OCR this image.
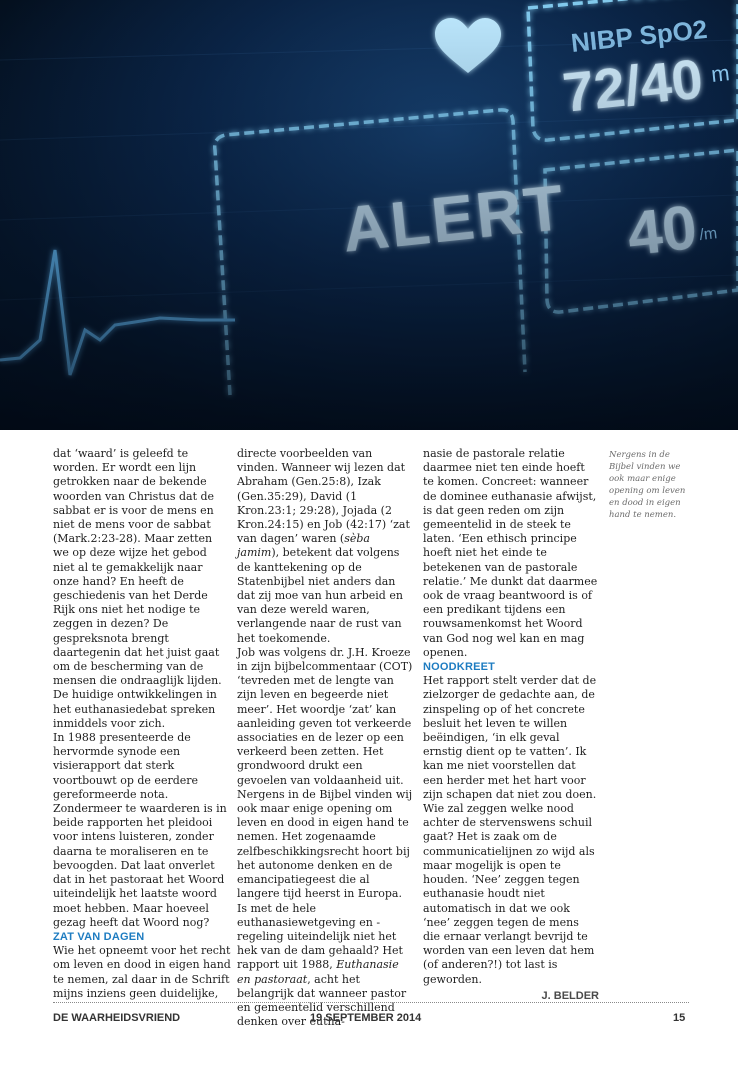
dat ‘waard’ is geleefd te worden. Er wordt een lijn getrokken naar de bekende woorden van Christus dat de sabbat er is voor de mens en niet de mens voor de sabbat (Mark.2:23-28). Maar zetten we op deze wijze het gebod niet al te gemakkelijk naar onze hand? En heeft de geschiedenis van het Derde Rijk ons niet het nodige te zeggen in dezen? De gespreksnota brengt daartegenin dat het juist gaat om de bescherming van de mensen die ondraaglijk lijden. De huidige ontwikkelingen in het euthanasiedebat spreken inmiddels voor zich.

In 1988 presenteerde de hervormde synode een visierapport dat sterk voortbouwt op de eerdere gereformeerde nota. Zondermeer te waarderen is in beide rapporten het pleidooi voor intens luisteren, zonder daarna te moraliseren en te bevoogden. Dat laat onverlet dat in het pastoraat het Woord uiteindelijk het laatste woord moet hebben. Maar hoeveel gezag heeft dat Woord nog?

ZAT VAN DAGEN

Wie het opneemt voor het recht om leven en dood in eigen hand te nemen, zal daar in de Schrift mijns inziens geen duidelijke,

directe voorbeelden van vinden. Wanneer wij lezen dat Abraham (Gen.25:8), Izak (Gen.35:29), David (1 Kron.23:1; 29:28), Jojada (2 Kron.24:15) en Job (42:17) ‘zat van dagen’ waren (sèba jamim), betekent dat volgens de kanttekening op de Statenbijbel niet anders dan dat zij moe van hun arbeid en van deze wereld waren, verlangende naar de rust van het toekomende.

Job was volgens dr. J.H. Kroeze in zijn bijbelcommentaar (COT) ‘tevreden met de lengte van zijn leven en begeerde niet meer’. Het woordje ‘zat’ kan aanleiding geven tot verkeerde associaties en de lezer op een verkeerd been zetten. Het grondwoord drukt een gevoelen van voldaanheid uit.

Nergens in de Bijbel vinden wij ook maar enige opening om leven en dood in eigen hand te nemen. Het zogenaamde zelfbeschikkingsrecht hoort bij het autonome denken en de emancipatiegeest die al langere tijd heerst in Europa.

Is met de hele euthanasiewetgeving en -regeling uiteindelijk niet het hek van de dam gehaald? Het rapport uit 1988, Euthanasie en pastoraat, acht het belangrijk dat wanneer pastor en gemeentelid verschillend denken over eutha-

nasie de pastorale relatie daarmee niet ten einde hoeft te komen. Concreet: wanneer de dominee euthanasie afwijst, is dat geen reden om zijn gemeentelid in de steek te laten. ‘Een ethisch principe hoeft niet het einde te betekenen van de pastorale relatie.’ Me dunkt dat daarmee ook de vraag beantwoord is of een predikant tijdens een rouwsamenkomst het Woord van God nog wel kan en mag openen.

NOODKREET

Het rapport stelt verder dat de zielzorger de gedachte aan, de zinspeling op of het concrete besluit het leven te willen beëindigen, ‘in elk geval ernstig dient op te vatten’. Ik kan me niet voorstellen dat een herder met het hart voor zijn schapen dat niet zou doen. Wie zal zeggen welke nood achter de stervenswens schuil gaat? Het is zaak om de communicatielijnen zo wijd als maar mogelijk is open te houden. ‘Nee’ zeggen tegen euthanasie houdt niet automatisch in dat we ook ‘nee’ zeggen tegen de mens die ernaar verlangt bevrijd te worden van een leven dat hem (of anderen?!) tot last is geworden.

J. BELDER

Nergens in de Bijbel vinden we ook maar enige opening om leven en dood in eigen hand te nemen.

DE WAARHEIDSVRIEND	19 SEPTEMBER 2014	15
